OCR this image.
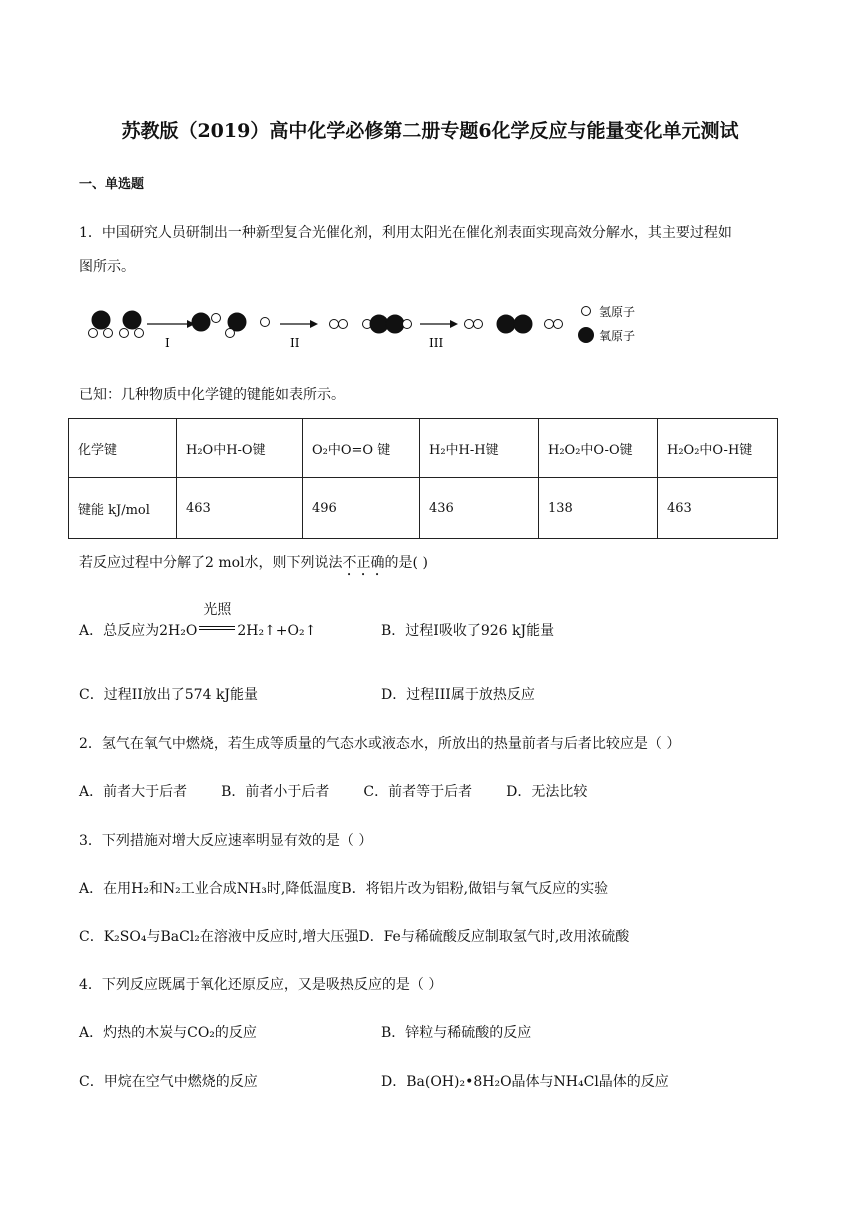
苏教版（2019）高中化学必修第二册专题6化学反应与能量变化单元测试
一、单选题
1．中国研究人员研制出一种新型复合光催化剂，利用太阳光在催化剂表面实现高效分解水，其主要过程如
图所示。
I	II	III
氢原子
氧原子
已知：几种物质中化学键的键能如表所示。
化学键	H₂O中H-O键	O₂中O=O 键	H₂中H-H键	H₂O₂中O-O键	H₂O₂中O-H键
键能 kJ/mol	463	496	436	138	463
若反应过程中分解了2 mol水，则下列说法不正确的是( )
A．总反应为2H₂O
光照
2H₂↑+O₂↑	B．过程I吸收了926 kJ能量
C．过程II放出了574 kJ能量	D．过程III属于放热反应
2．氢气在氧气中燃烧，若生成等质量的气态水或液态水，所放出的热量前者与后者比较应是（ ）
A．前者大于后者 B．前者小于后者 C．前者等于后者 D．无法比较
3．下列措施对增大反应速率明显有效的是（ ）
A．在用H₂和N₂工业合成NH₃时,降低温度B．将铝片改为铝粉,做铝与氧气反应的实验
C．K₂SO₄与BaCl₂在溶液中反应时,增大压强D．Fe与稀硫酸反应制取氢气时,改用浓硫酸
4．下列反应既属于氧化还原反应，又是吸热反应的是（ ）
A．灼热的木炭与CO₂的反应	B．锌粒与稀硫酸的反应
C．甲烷在空气中燃烧的反应	D．Ba(OH)₂•8H₂O晶体与NH₄Cl晶体的反应
